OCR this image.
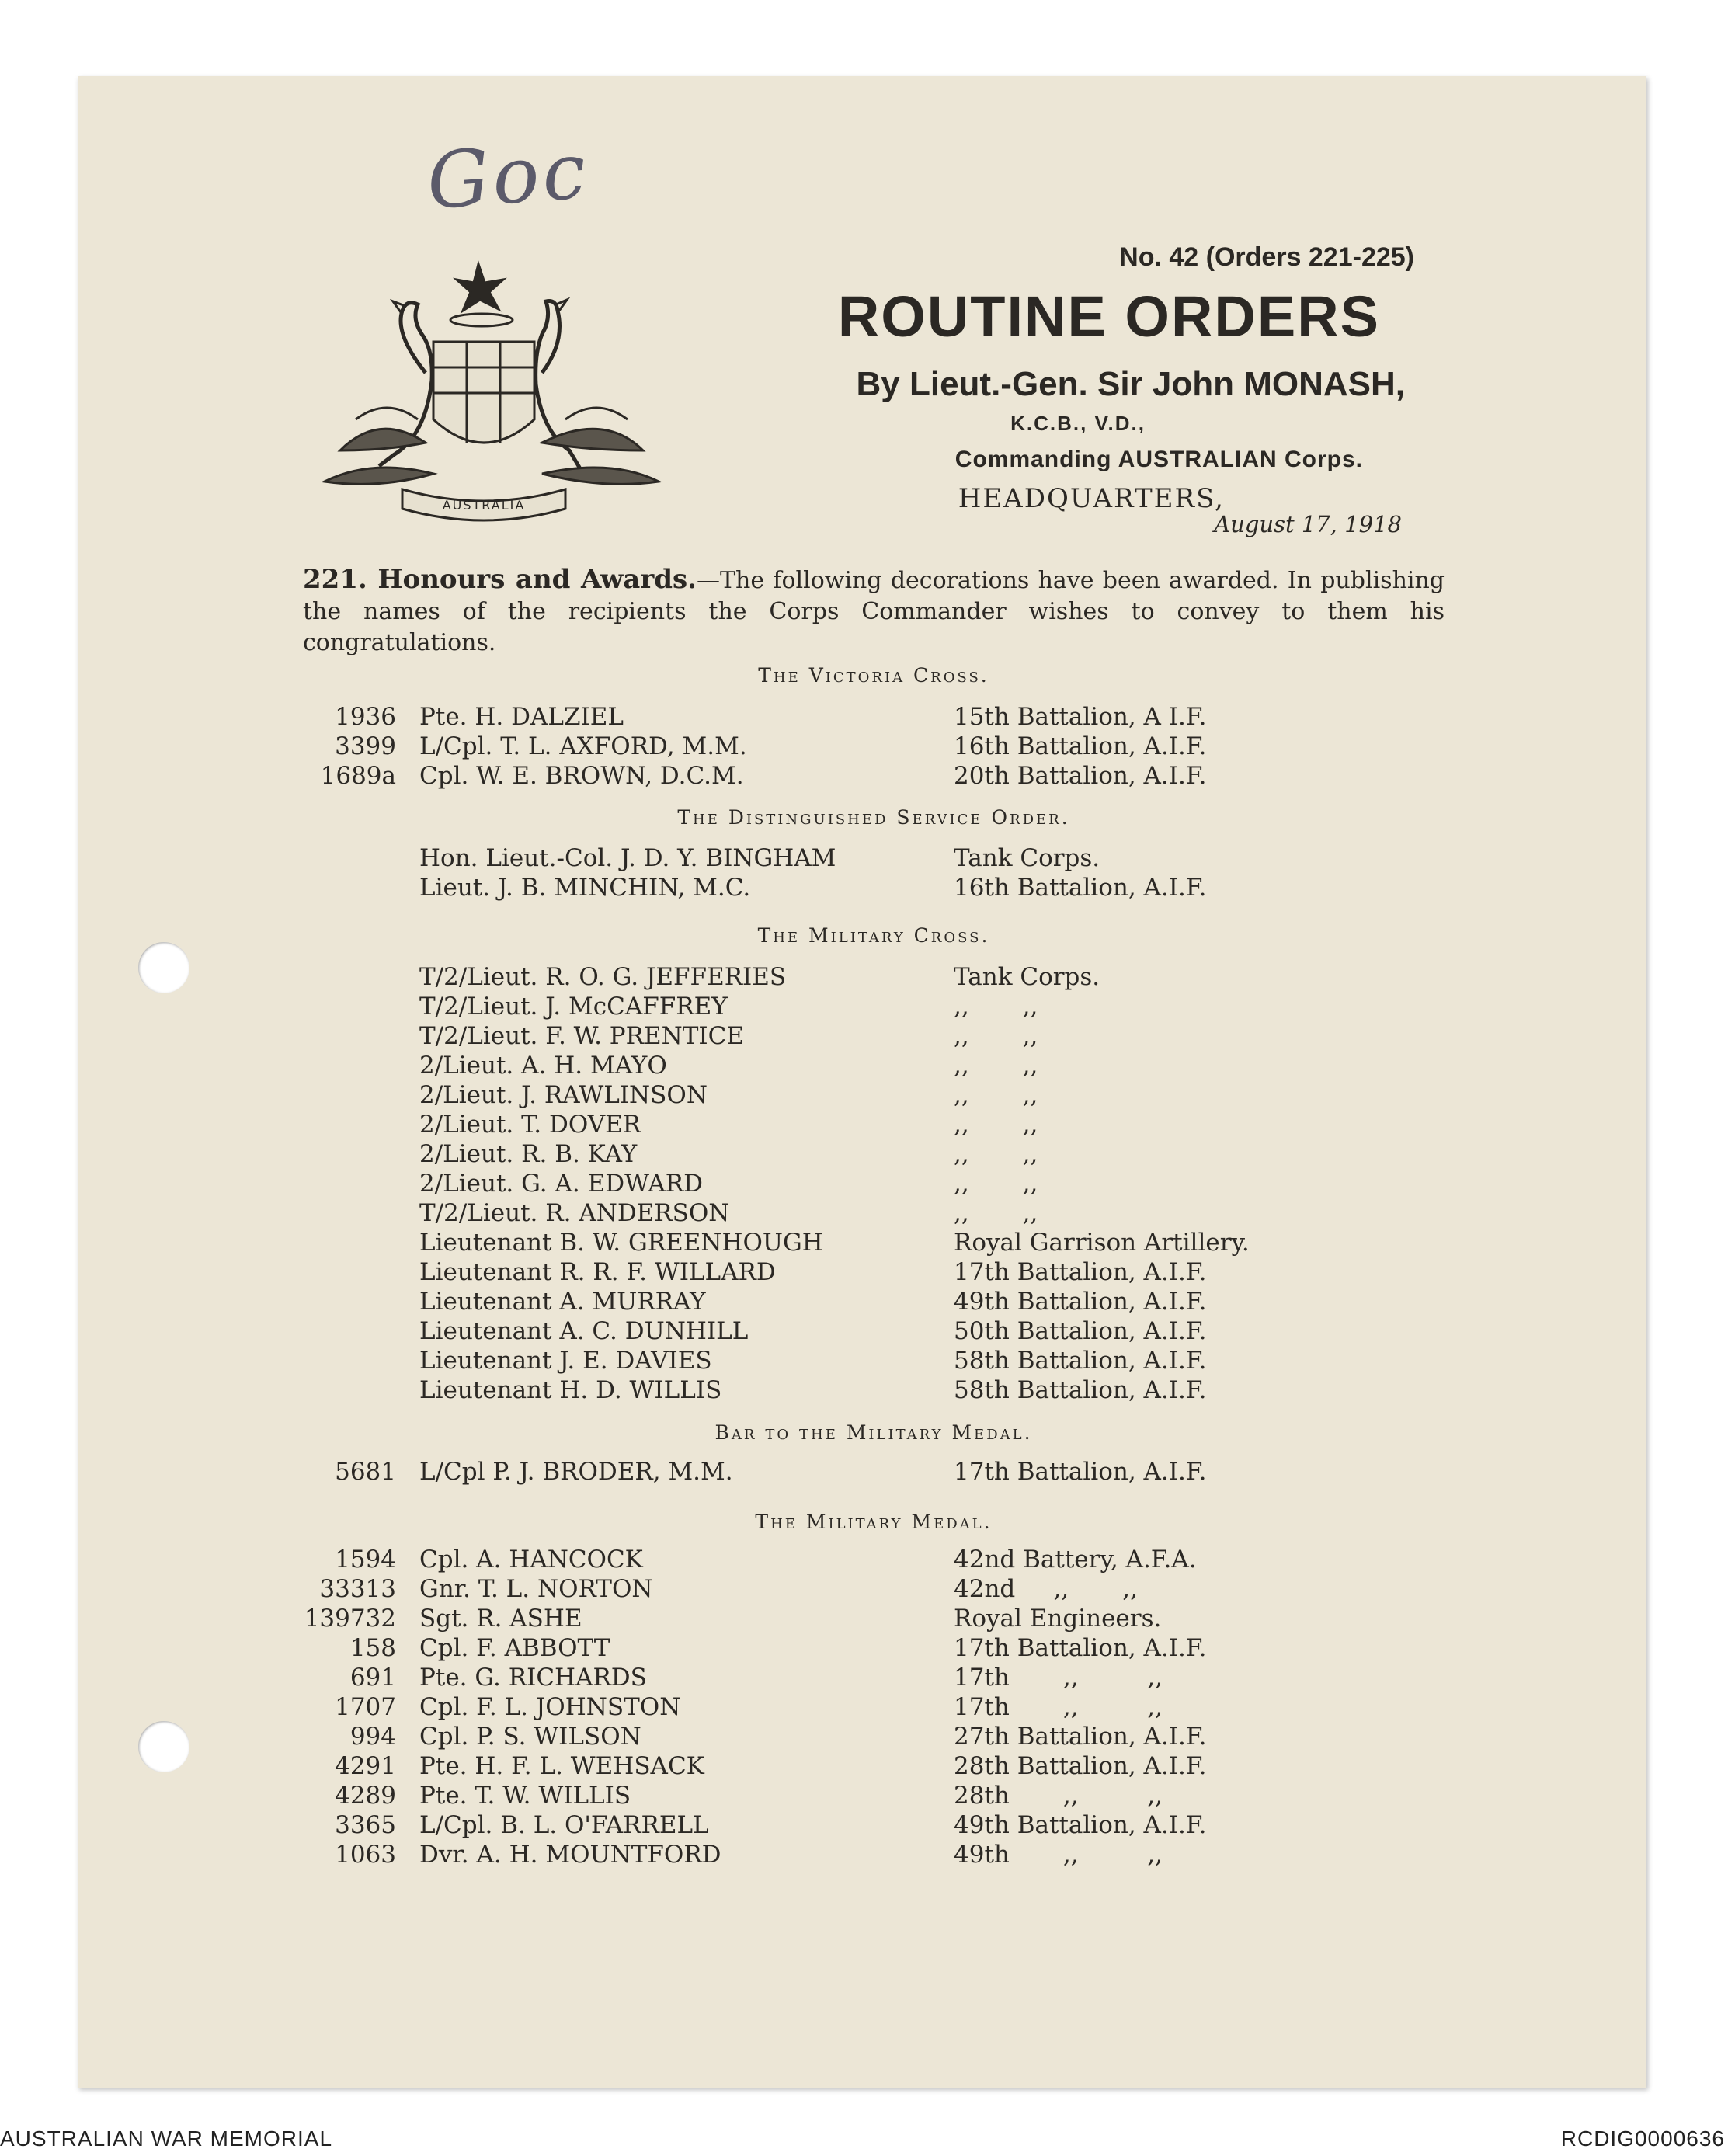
Goc
AUSTRALIA
No. 42 (Orders 221-225)
ROUTINE ORDERS
By Lieut.-Gen. Sir John MONASH,
K.C.B., V.D.,
Commanding AUSTRALIAN Corps.
HEADQUARTERS,
August 17, 1918
221. Honours and Awards.—The following decorations have been awarded. In publishing the names of the recipients the Corps Commander wishes to convey to them his congratulations.
The Victoria Cross.
1936 Pte. H. DALZIEL	15th Battalion, A I.F.
3399 L/Cpl. T. L. AXFORD, M.M.	16th Battalion, A.I.F.
1689a Cpl. W. E. BROWN, D.C.M.	20th Battalion, A.I.F.
The Distinguished Service Order.
Hon. Lieut.-Col. J. D. Y. BINGHAM	Tank Corps.
Lieut. J. B. MINCHIN, M.C.	16th Battalion, A.I.F.
The Military Cross.
T/2/Lieut. R. O. G. JEFFERIES	Tank Corps.
T/2/Lieut. J. McCAFFREY	,,       ,,
T/2/Lieut. F. W. PRENTICE	,,       ,,
2/Lieut. A. H. MAYO	,,       ,,
2/Lieut. J. RAWLINSON	,,       ,,
2/Lieut. T. DOVER	,,       ,,
2/Lieut. R. B. KAY	,,       ,,
2/Lieut. G. A. EDWARD	,,       ,,
T/2/Lieut. R. ANDERSON	,,       ,,
Lieutenant B. W. GREENHOUGH	Royal Garrison Artillery.
Lieutenant R. R. F. WILLARD	17th Battalion, A.I.F.
Lieutenant A. MURRAY	49th Battalion, A.I.F.
Lieutenant A. C. DUNHILL	50th Battalion, A.I.F.
Lieutenant J. E. DAVIES	58th Battalion, A.I.F.
Lieutenant H. D. WILLIS	58th Battalion, A.I.F.
Bar to the Military Medal.
5681 L/Cpl P. J. BRODER, M.M.	17th Battalion, A.I.F.
The Military Medal.
1594 Cpl. A. HANCOCK	42nd Battery, A.F.A.
33313 Gnr. T. L. NORTON	42nd     ,,       ,,
139732 Sgt. R. ASHE	Royal Engineers.
158 Cpl. F. ABBOTT	17th Battalion, A.I.F.
691 Pte. G. RICHARDS	17th       ,,         ,,
1707 Cpl. F. L. JOHNSTON	17th       ,,         ,,
994 Cpl. P. S. WILSON	27th Battalion, A.I.F.
4291 Pte. H. F. L. WEHSACK	28th Battalion, A.I.F.
4289 Pte. T. W. WILLIS	28th       ,,         ,,
3365 L/Cpl. B. L. O'FARRELL	49th Battalion, A.I.F.
1063 Dvr. A. H. MOUNTFORD	49th       ,,         ,,
AUSTRALIAN WAR MEMORIAL	RCDIG0000636
